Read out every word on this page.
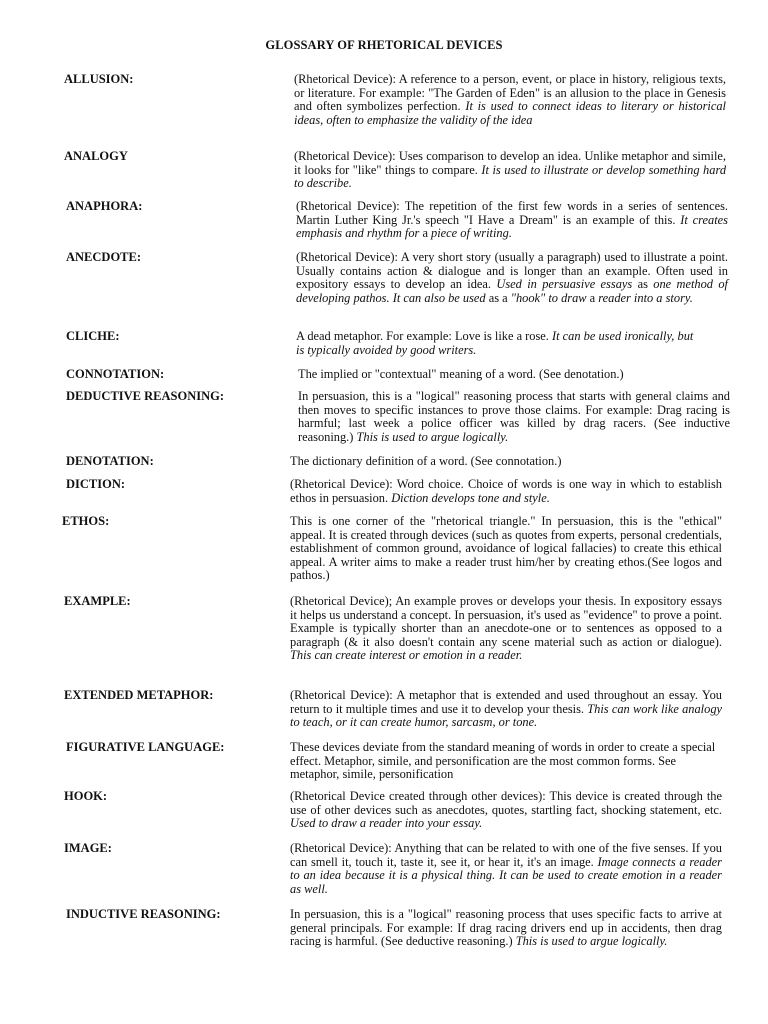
GLOSSARY OF RHETORICAL DEVICES
ALLUSION:	(Rhetorical Device): A reference to a person, event, or place in history, religious texts, or literature. For example: "The Garden of Eden" is an allusion to the place in Genesis and often symbolizes perfection. It is used to connect ideas to literary or historical ideas, often to emphasize the validity of the idea
ANALOGY	(Rhetorical Device): Uses comparison to develop an idea. Unlike metaphor and simile, it looks for "like" things to compare. It is used to illustrate or develop something hard to describe.
ANAPHORA:	(Rhetorical Device): The repetition of the first few words in a series of sentences. Martin Luther King Jr.'s speech "I Have a Dream" is an example of this. It creates emphasis and rhythm for a piece of writing.
ANECDOTE:	(Rhetorical Device): A very short story (usually a paragraph) used to illustrate a point. Usually contains action & dialogue and is longer than an example. Often used in expository essays to develop an idea. Used in persuasive essays as one method of developing pathos. It can also be used as a "hook" to draw a reader into a story.
CLICHE:	A dead metaphor. For example: Love is like a rose. It can be used ironically, but is typically avoided by good writers.
CONNOTATION:	The implied or "contextual" meaning of a word. (See denotation.)
DEDUCTIVE REASONING:	In persuasion, this is a "logical" reasoning process that starts with general claims and then moves to specific instances to prove those claims. For example: Drag racing is harmful; last week a police officer was killed by drag racers. (See inductive reasoning.) This is used to argue logically.
DENOTATION:	The dictionary definition of a word. (See connotation.)
DICTION:	(Rhetorical Device): Word choice. Choice of words is one way in which to establish ethos in persuasion. Diction develops tone and style.
ETHOS:	This is one corner of the "rhetorical triangle." In persuasion, this is the "ethical" appeal. It is created through devices (such as quotes from experts, personal credentials, establishment of common ground, avoidance of logical fallacies) to create this ethical appeal. A writer aims to make a reader trust him/her by creating ethos.(See logos and pathos.)
EXAMPLE:	(Rhetorical Device); An example proves or develops your thesis. In expository essays it helps us understand a concept. In persuasion, it's used as "evidence" to prove a point. Example is typically shorter than an anecdote-one or to sentences as opposed to a paragraph (& it also doesn't contain any scene material such as action or dialogue). This can create interest or emotion in a reader.
EXTENDED METAPHOR:	(Rhetorical Device): A metaphor that is extended and used throughout an essay. You return to it multiple times and use it to develop your thesis. This can work like analogy to teach, or it can create humor, sarcasm, or tone.
FIGURATIVE LANGUAGE:	These devices deviate from the standard meaning of words in order to create a special effect. Metaphor, simile, and personification are the most common forms. See metaphor, simile, personification
HOOK:	(Rhetorical Device created through other devices): This device is created through the use of other devices such as anecdotes, quotes, startling fact, shocking statement, etc. Used to draw a reader into your essay.
IMAGE:	(Rhetorical Device): Anything that can be related to with one of the five senses. If you can smell it, touch it, taste it, see it, or hear it, it's an image. Image connects a reader to an idea because it is a physical thing. It can be used to create emotion in a reader as well.
INDUCTIVE REASONING:	In persuasion, this is a "logical" reasoning process that uses specific facts to arrive at general principals. For example: If drag racing drivers end up in accidents, then drag racing is harmful. (See deductive reasoning.) This is used to argue logically.
